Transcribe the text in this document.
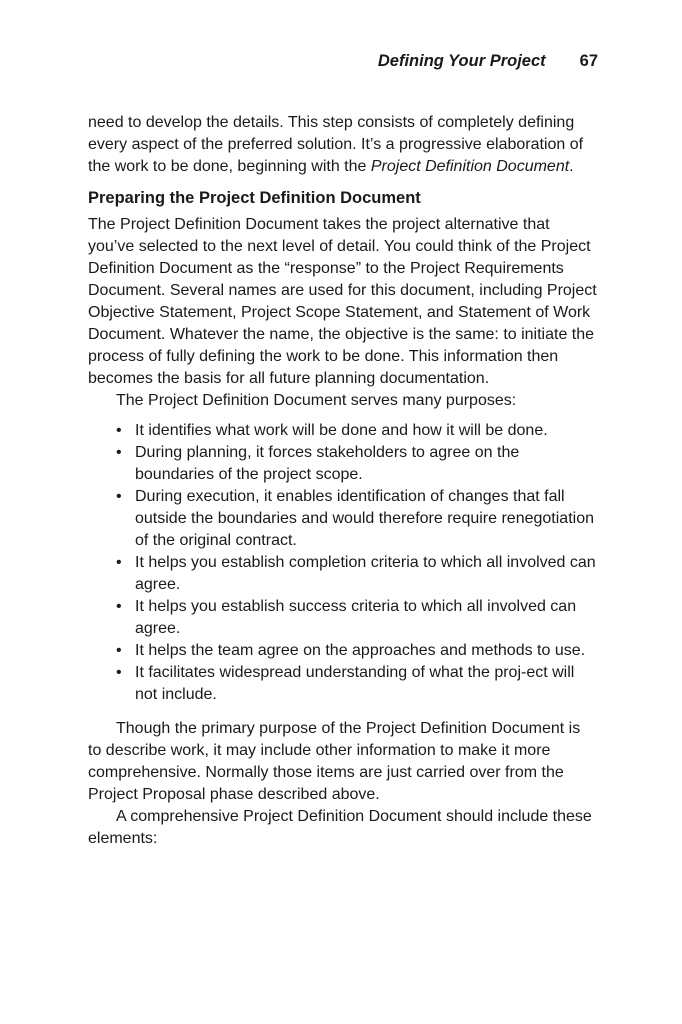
Defining Your Project 67

need to develop the details. This step consists of completely defining every aspect of the preferred solution. It’s a progressive elaboration of the work to be done, beginning with the Project Definition Document.

Preparing the Project Definition Document

The Project Definition Document takes the project alternative that you’ve selected to the next level of detail. You could think of the Project Definition Document as the “response” to the Project Requirements Document. Several names are used for this document, including Project Objective Statement, Project Scope Statement, and Statement of Work Document. Whatever the name, the objective is the same: to initiate the process of fully defining the work to be done. This information then becomes the basis for all future planning documentation.

The Project Definition Document serves many purposes:

• It identifies what work will be done and how it will be done.
• During planning, it forces stakeholders to agree on the boundaries of the project scope.
• During execution, it enables identification of changes that fall outside the boundaries and would therefore require renegotiation of the original contract.
• It helps you establish completion criteria to which all involved can agree.
• It helps you establish success criteria to which all involved can agree.
• It helps the team agree on the approaches and methods to use.
• It facilitates widespread understanding of what the proj-ect will not include.

Though the primary purpose of the Project Definition Document is to describe work, it may include other information to make it more comprehensive. Normally those items are just carried over from the Project Proposal phase described above.

A comprehensive Project Definition Document should include these elements:
